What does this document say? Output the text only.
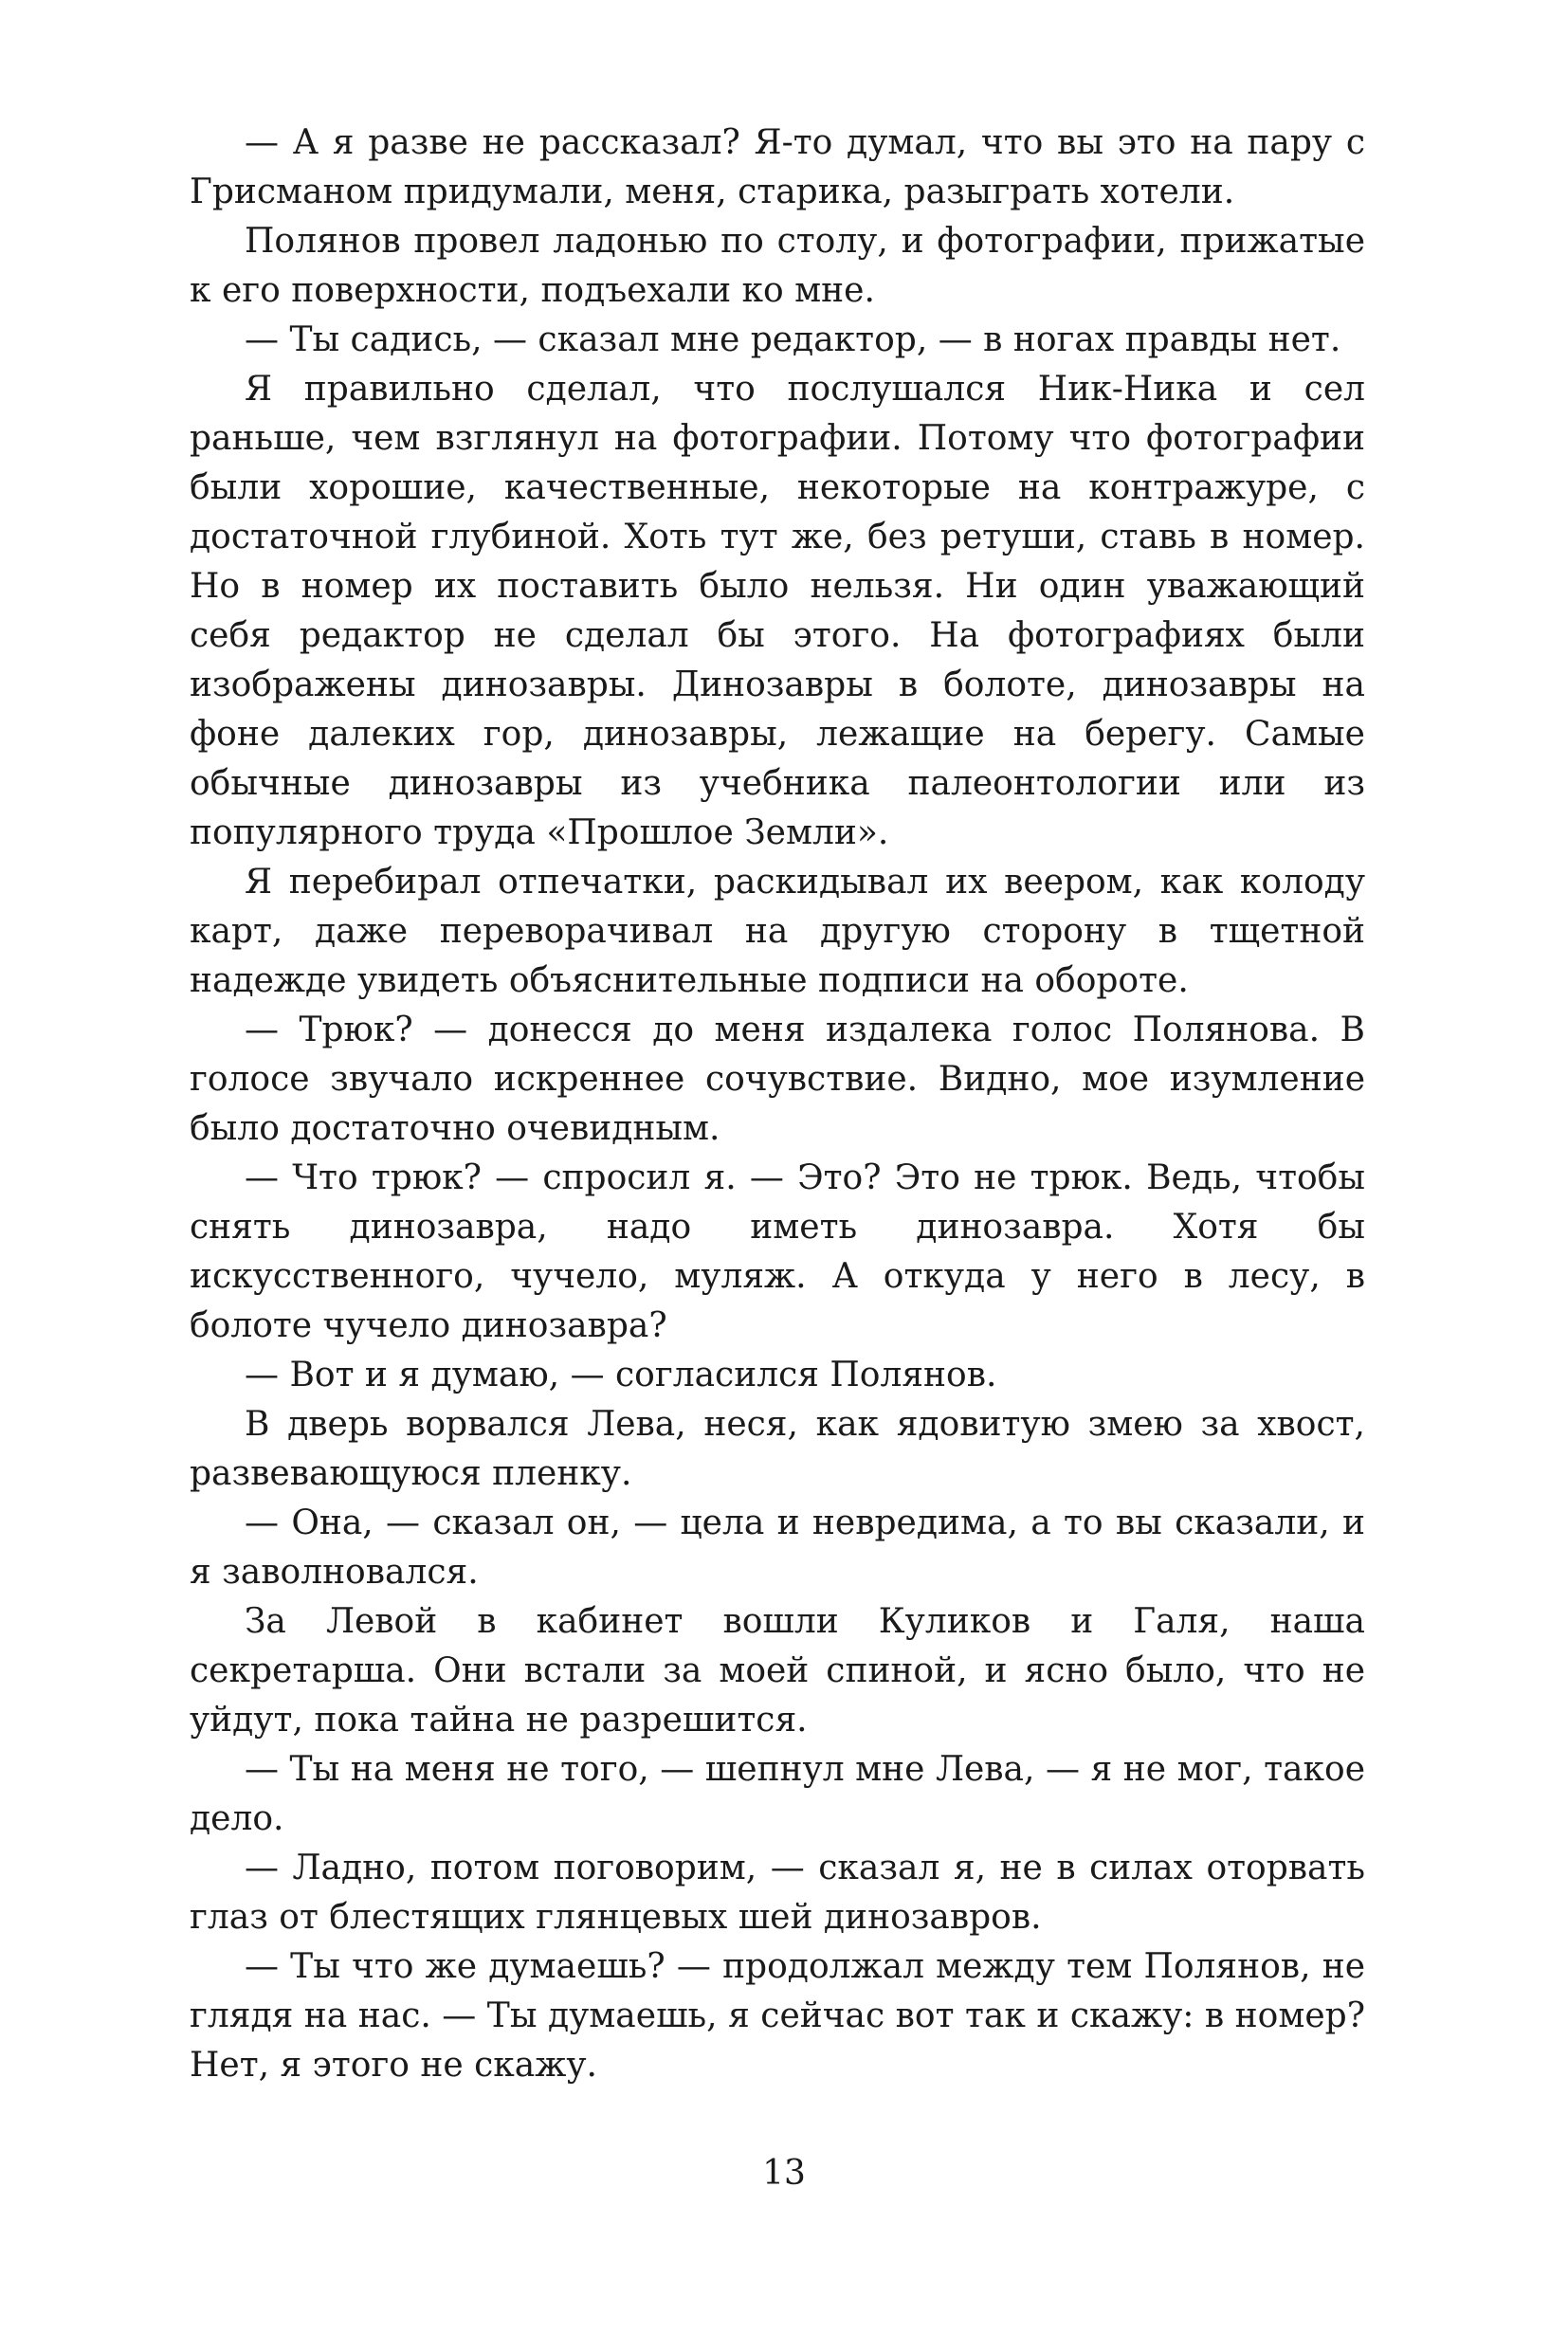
— А я разве не рассказал? Я-то думал, что вы это на пару с Грисманом придумали, меня, старика, разыграть хотели.

Полянов провел ладонью по столу, и фотографии, прижатые к его поверхности, подъехали ко мне.

— Ты садись, — сказал мне редактор, — в ногах правды нет.

Я правильно сделал, что послушался Ник-Ника и сел раньше, чем взглянул на фотографии. Потому что фотографии были хорошие, качественные, некоторые на контражуре, с достаточной глубиной. Хоть тут же, без ретуши, ставь в номер. Но в номер их поставить было нельзя. Ни один уважающий себя редактор не сделал бы этого. На фотографиях были изображены динозавры. Динозавры в болоте, динозавры на фоне далеких гор, динозавры, лежащие на берегу. Самые обычные динозавры из учебника палеонтологии или из популярного труда «Прошлое Земли».

Я перебирал отпечатки, раскидывал их веером, как колоду карт, даже переворачивал на другую сторону в тщетной надежде увидеть объяснительные подписи на обороте.

— Трюк? — донесся до меня издалека голос Полянова. В голосе звучало искреннее сочувствие. Видно, мое изумление было достаточно очевидным.

— Что трюк? — спросил я. — Это? Это не трюк. Ведь, чтобы снять динозавра, надо иметь динозавра. Хотя бы искусственного, чучело, муляж. А откуда у него в лесу, в болоте чучело динозавра?

— Вот и я думаю, — согласился Полянов.

В дверь ворвался Лева, неся, как ядовитую змею за хвост, развевающуюся пленку.

— Она, — сказал он, — цела и невредима, а то вы сказали, и я заволновался.

За Левой в кабинет вошли Куликов и Галя, наша секретарша. Они встали за моей спиной, и ясно было, что не уйдут, пока тайна не разрешится.

— Ты на меня не того, — шепнул мне Лева, — я не мог, такое дело.

— Ладно, потом поговорим, — сказал я, не в силах оторвать глаз от блестящих глянцевых шей динозавров.

— Ты что же думаешь? — продолжал между тем Полянов, не глядя на нас. — Ты думаешь, я сейчас вот так и скажу: в номер? Нет, я этого не скажу.

13
